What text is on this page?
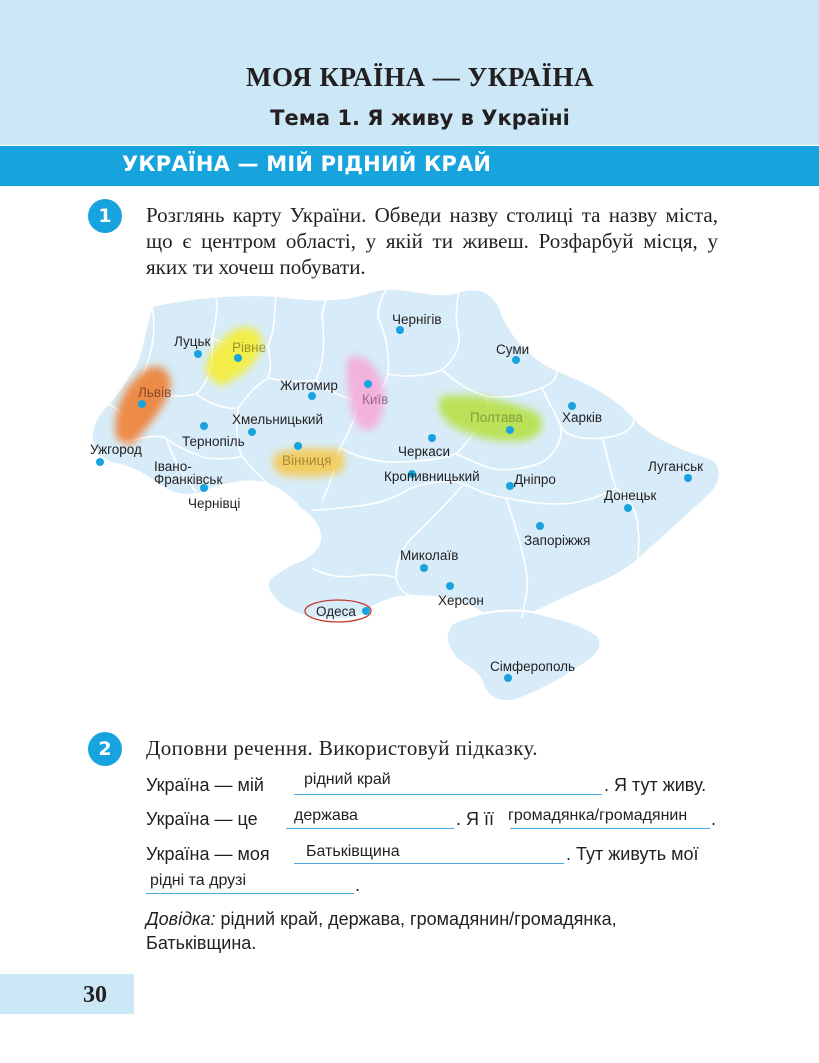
МОЯ КРАЇНА — УКРАЇНА
Тема 1. Я живу в Україні
УКРАЇНА — МІЙ РІДНИЙ КРАЙ
1	Розглянь карту України. Обведи назву столиці та назву міста, що є центром області, у якій ти живеш. Розфарбуй місця, у яких ти хочеш побувати.
Луцьк Рівне
Львів	Житомир
Хмельницький
Тернопіль
Ужгород
Івано-
Франківськ
Чернівці
Вінниця
Київ
Чернігів
Суми
Полтава	Харків
Черкаси
Кропивницький	Дніпро
Луганськ
Донецьк
Запоріжжя
Миколаїв
Херсон
Одеса
Сімферополь
2	Доповни речення. Використовуй підказку.
Україна — мій	рідний край	. Я тут живу.
Україна — це держава	. Я її громадянка/громадянин .
Україна — моя Батьківщина	. Тут живуть мої
рідні та друзі	.
Довідка: рідний край, держава, громадянин/громадянка, Батьківщина.
30
